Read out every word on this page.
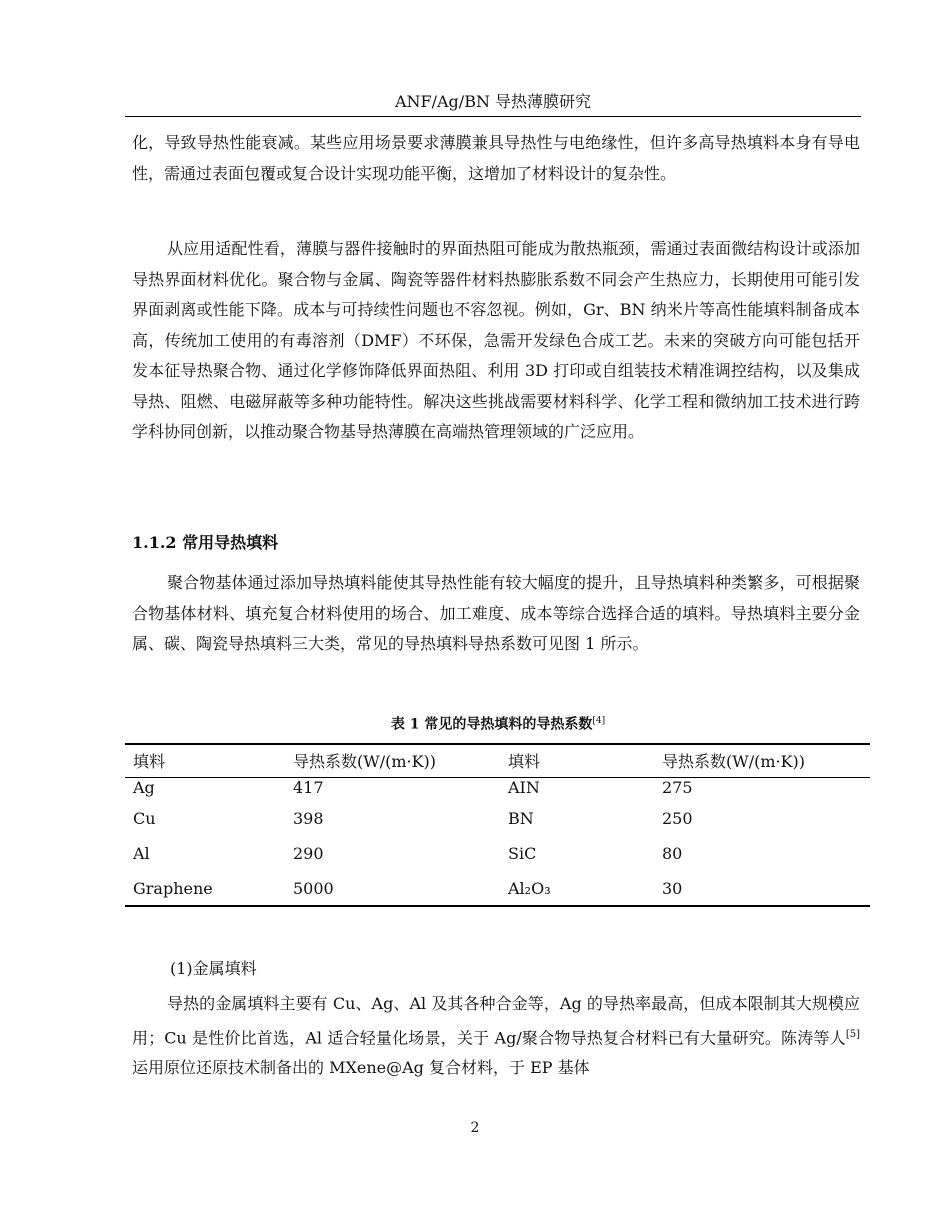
ANF/Ag/BN 导热薄膜研究

化，导致导热性能衰减。某些应用场景要求薄膜兼具导热性与电绝缘性，但许多高导热填料本身有导电性，需通过表面包覆或复合设计实现功能平衡，这增加了材料设计的复杂性。

从应用适配性看，薄膜与器件接触时的界面热阻可能成为散热瓶颈，需通过表面微结构设计或添加导热界面材料优化。聚合物与金属、陶瓷等器件材料热膨胀系数不同会产生热应力，长期使用可能引发界面剥离或性能下降。成本与可持续性问题也不容忽视。例如，Gr、BN 纳米片等高性能填料制备成本高，传统加工使用的有毒溶剂（DMF）不环保，急需开发绿色合成工艺。未来的突破方向可能包括开发本征导热聚合物、通过化学修饰降低界面热阻、利用 3D 打印或自组装技术精准调控结构，以及集成导热、阻燃、电磁屏蔽等多种功能特性。解决这些挑战需要材料科学、化学工程和微纳加工技术进行跨学科协同创新，以推动聚合物基导热薄膜在高端热管理领域的广泛应用。

1.1.2 常用导热填料

聚合物基体通过添加导热填料能使其导热性能有较大幅度的提升，且导热填料种类繁多，可根据聚合物基体材料、填充复合材料使用的场合、加工难度、成本等综合选择合适的填料。导热填料主要分金属、碳、陶瓷导热填料三大类，常见的导热填料导热系数可见图 1 所示。

表 1 常见的导热填料的导热系数[4]
填料	导热系数(W/(m·K))	填料	导热系数(W/(m·K))
Ag	417	AIN	275
Cu	398	BN	250
Al	290	SiC	80
Graphene	5000	Al₂O₃	30
(1)金属填料

导热的金属填料主要有 Cu、Ag、Al 及其各种合金等，Ag 的导热率最高，但成本限制其大规模应用；Cu 是性价比首选，Al 适合轻量化场景，关于 Ag/聚合物导热复合材料已有大量研究。陈涛等人[5]运用原位还原技术制备出的 MXene@Ag 复合材料，于 EP 基体

2
